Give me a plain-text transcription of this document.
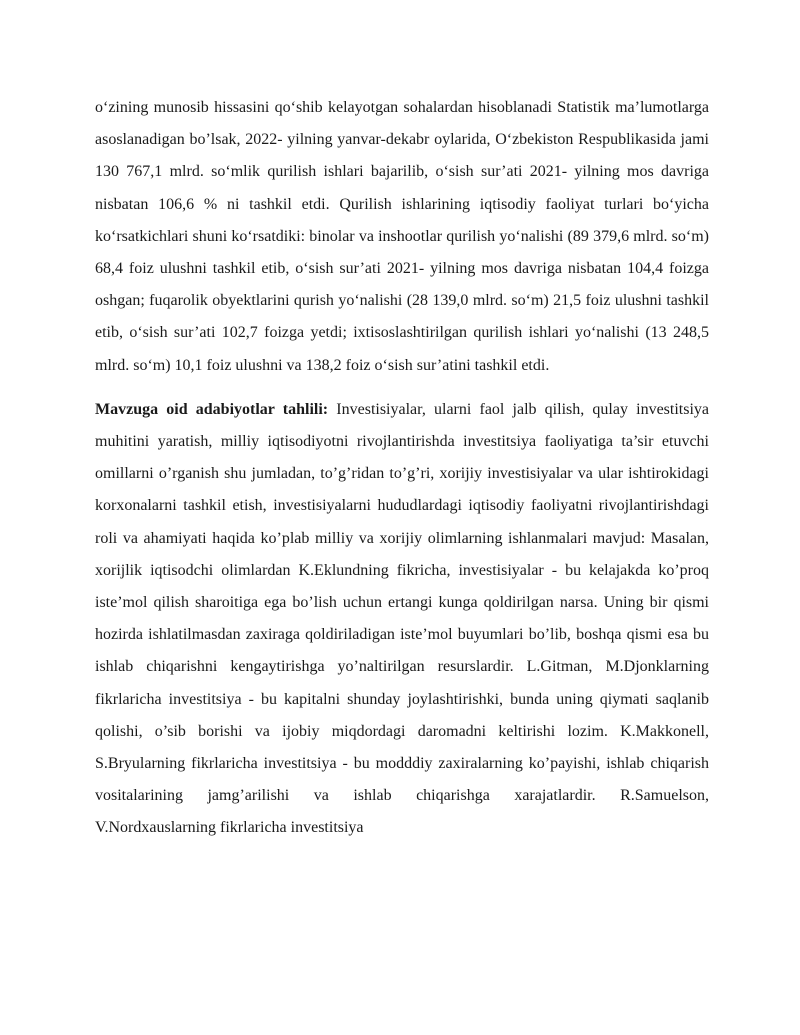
o‘zining munosib hissasini qo‘shib kelayotgan sohalardan hisoblanadi Statistik ma’lumotlarga asoslanadigan bo’lsak, 2022- yilning yanvar-dekabr oylarida, O‘zbekiston Respublikasida jami 130 767,1 mlrd. so‘mlik qurilish ishlari bajarilib, o‘sish sur’ati 2021- yilning mos davriga nisbatan 106,6 % ni tashkil etdi. Qurilish ishlarining iqtisodiy faoliyat turlari bo‘yicha ko‘rsatkichlari shuni ko‘rsatdiki: binolar va inshootlar qurilish yo‘nalishi (89 379,6 mlrd. so‘m) 68,4 foiz ulushni tashkil etib, o‘sish sur’ati 2021- yilning mos davriga nisbatan 104,4 foizga oshgan; fuqarolik obyektlarini qurish yo‘nalishi (28 139,0 mlrd. so‘m) 21,5 foiz ulushni tashkil etib, o‘sish sur’ati 102,7 foizga yetdi; ixtisoslashtirilgan qurilish ishlari yo‘nalishi (13 248,5 mlrd. so‘m) 10,1 foiz ulushni va 138,2 foiz o‘sish sur’atini tashkil etdi.

Mavzuga oid adabiyotlar tahlili: Investisiyalar, ularni faol jalb qilish, qulay investitsiya muhitini yaratish, milliy iqtisodiyotni rivojlantirishda investitsiya faoliyatiga ta’sir etuvchi omillarni o’rganish shu jumladan, to’g’ridan to’g’ri, xorijiy investisiyalar va ular ishtirokidagi korxonalarni tashkil etish, investisiyalarni hududlardagi iqtisodiy faoliyatni rivojlantirishdagi roli va ahamiyati haqida ko’plab milliy va xorijiy olimlarning ishlanmalari mavjud: Masalan, xorijlik iqtisodchi olimlardan K.Eklundning fikricha, investisiyalar - bu kelajakda ko’proq iste’mol qilish sharoitiga ega bo’lish uchun ertangi kunga qoldirilgan narsa. Uning bir qismi hozirda ishlatilmasdan zaxiraga qoldiriladigan iste’mol buyumlari bo’lib, boshqa qismi esa bu ishlab chiqarishni kengaytirishga yo’naltirilgan resurslardir. L.Gitman, M.Djonklarning fikrlaricha investitsiya - bu kapitalni shunday joylashtirishki, bunda uning qiymati saqlanib qolishi, o’sib borishi va ijobiy miqdordagi daromadni keltirishi lozim. K.Makkonell, S.Bryularning fikrlaricha investitsiya - bu modddiy zaxiralarning ko’payishi, ishlab chiqarish vositalarining jamg’arilishi va ishlab chiqarishga xarajatlardir. R.Samuelson, V.Nordxauslarning fikrlaricha investitsiya
